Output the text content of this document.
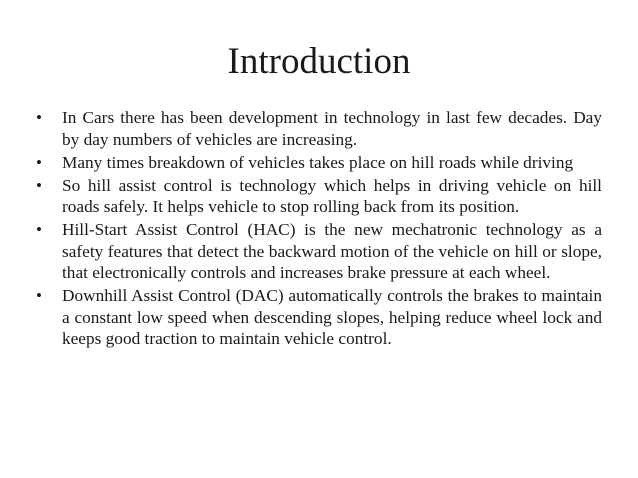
Introduction
• In Cars there has been development in technology in last few decades. Day by day numbers of vehicles are increasing.
• Many times breakdown of vehicles takes place on hill roads while driving
• So hill assist control is technology which helps in driving vehicle on hill roads safely. It helps vehicle to stop rolling back from its position.
• Hill-Start Assist Control (HAC) is the new mechatronic technology as a safety features that detect the backward motion of the vehicle on hill or slope, that electronically controls and increases brake pressure at each wheel.
• Downhill Assist Control (DAC) automatically controls the brakes to maintain a constant low speed when descending slopes, helping reduce wheel lock and keeps good traction to maintain vehicle control.
